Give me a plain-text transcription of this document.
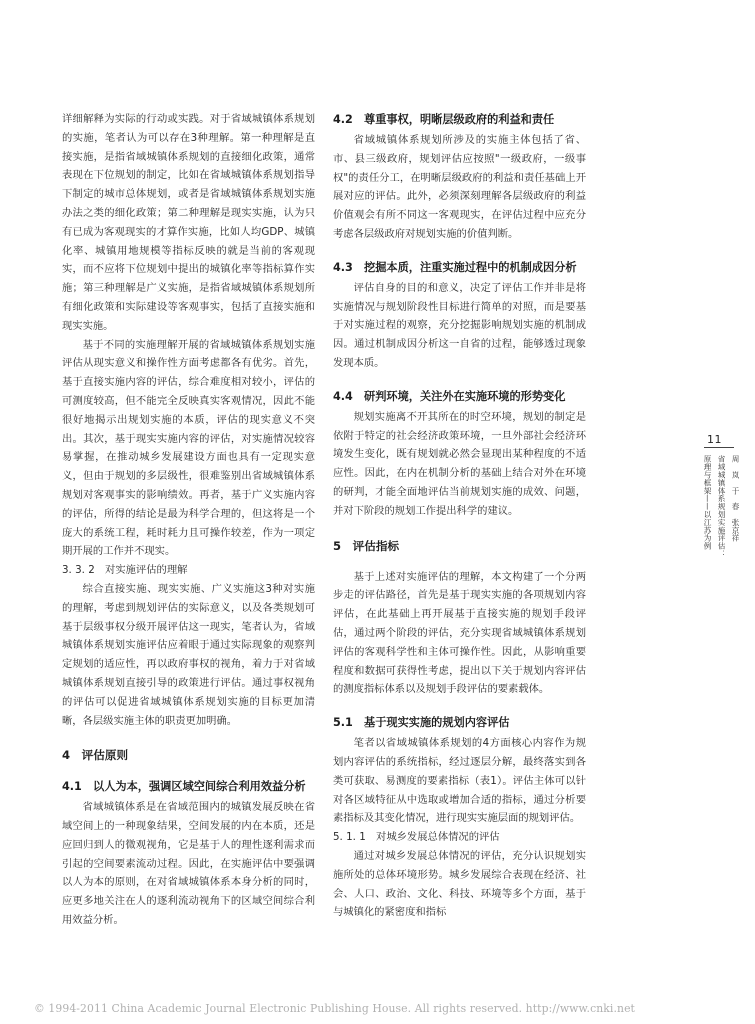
详细解释为实际的行动或实践。对于省域城镇体系规划的实施，笔者认为可以存在3种理解。第一种理解是直接实施，是指省域城镇体系规划的直接细化政策，通常表现在下位规划的制定，比如在省域城镇体系规划指导下制定的城市总体规划，或者是省域城镇体系规划实施办法之类的细化政策；第二种理解是现实实施，认为只有已成为客观现实的才算作实施，比如人均GDP、城镇化率、城镇用地规模等指标反映的就是当前的客观现实，而不应将下位规划中提出的城镇化率等指标算作实施；第三种理解是广义实施，是指省域城镇体系规划所有细化政策和实际建设等客观事实，包括了直接实施和现实实施。

基于不同的实施理解开展的省域城镇体系规划实施评估从现实意义和操作性方面考虑都各有优劣。首先，基于直接实施内容的评估，综合难度相对较小，评估的可测度较高，但不能完全反映真实客观情况，因此不能很好地揭示出规划实施的本质，评估的现实意义不突出。其次，基于现实实施内容的评估，对实施情况较容易掌握，在推动城乡发展建设方面也具有一定现实意义，但由于规划的多层级性，很难鉴别出省域城镇体系规划对客观事实的影响绩效。再者，基于广义实施内容的评估，所得的结论是最为科学合理的，但这将是一个庞大的系统工程，耗时耗力且可操作较差，作为一项定期开展的工作并不现实。

3. 3. 2　对实施评估的理解

综合直接实施、现实实施、广义实施这3种对实施的理解，考虑到规划评估的实际意义，以及各类规划可基于层级事权分级开展评估这一现实，笔者认为，省域城镇体系规划实施评估应着眼于通过实际现象的观察判定规划的适应性，再以政府事权的视角，着力于对省域城镇体系规划直接引导的政策进行评估。通过事权视角的评估可以促进省域城镇体系规划实施的目标更加清晰，各层级实施主体的职责更加明确。

4　评估原则
4.1　以人为本，强调区域空间综合利用效益分析

省域城镇体系是在省域范围内的城镇发展反映在省域空间上的一种现象结果，空间发展的内在本质，还是应回归到人的微观视角，它是基于人的理性逐利需求而引起的空间要素流动过程。因此，在实施评估中要强调以人为本的原则，在对省域城镇体系本身分析的同时，应更多地关注在人的逐利流动视角下的区域空间综合利用效益分析。

4.2　尊重事权，明晰层级政府的利益和责任

省域城镇体系规划所涉及的实施主体包括了省、市、县三级政府，规划评估应按照"一级政府，一级事权"的责任分工，在明晰层级政府的利益和责任基础上开展对应的评估。此外，必须深刻理解各层级政府的利益价值观会有所不同这一客观现实，在评估过程中应充分考虑各层级政府对规划实施的价值判断。

4.3　挖掘本质，注重实施过程中的机制成因分析

评估自身的目的和意义，决定了评估工作并非是将实施情况与规划阶段性目标进行简单的对照，而是要基于对实施过程的观察，充分挖掘影响规划实施的机制成因。通过机制成因分析这一自省的过程，能够透过现象发现本质。

4.4　研判环境，关注外在实施环境的形势变化

规划实施离不开其所在的时空环境，规划的制定是依附于特定的社会经济政策环境，一旦外部社会经济环境发生变化，既有规划就必然会显现出某种程度的不适应性。因此，在内在机制分析的基础上结合对外在环境的研判，才能全面地评估当前规划实施的成效、问题，并对下阶段的规划工作提出科学的建议。

5　评估指标

基于上述对实施评估的理解，本文构建了一个分两步走的评估路径，首先是基于现实实施的各项规划内容评估，在此基础上再开展基于直接实施的规划手段评估，通过两个阶段的评估，充分实现省域城镇体系规划评估的客观科学性和主体可操作性。因此，从影响重要程度和数据可获得性考虑，提出以下关于规划内容评估的测度指标体系以及规划手段评估的要素载体。

5.1　基于现实实施的规划内容评估

笔者以省域城镇体系规划的4方面核心内容作为规划内容评估的系统指标，经过逐层分解，最终落实到各类可获取、易测度的要素指标（表1）。评估主体可以针对各区域特征从中选取或增加合适的指标，通过分析要素指标及其变化情况，进行现实实施层面的规划评估。

5. 1. 1　对城乡发展总体情况的评估

通过对城乡发展总体情况的评估，充分认识规划实施所处的总体环境形势。城乡发展综合表现在经济、社会、人口、政治、文化、科技、环境等多个方面，基于与城镇化的紧密度和指标

11
周　岚　于　春　张京祥
省域城镇体系规划实施评估：
原理与框架——以江苏为例
© 1994-2011 China Academic Journal Electronic Publishing House. All rights reserved. http://www.cnki.net
